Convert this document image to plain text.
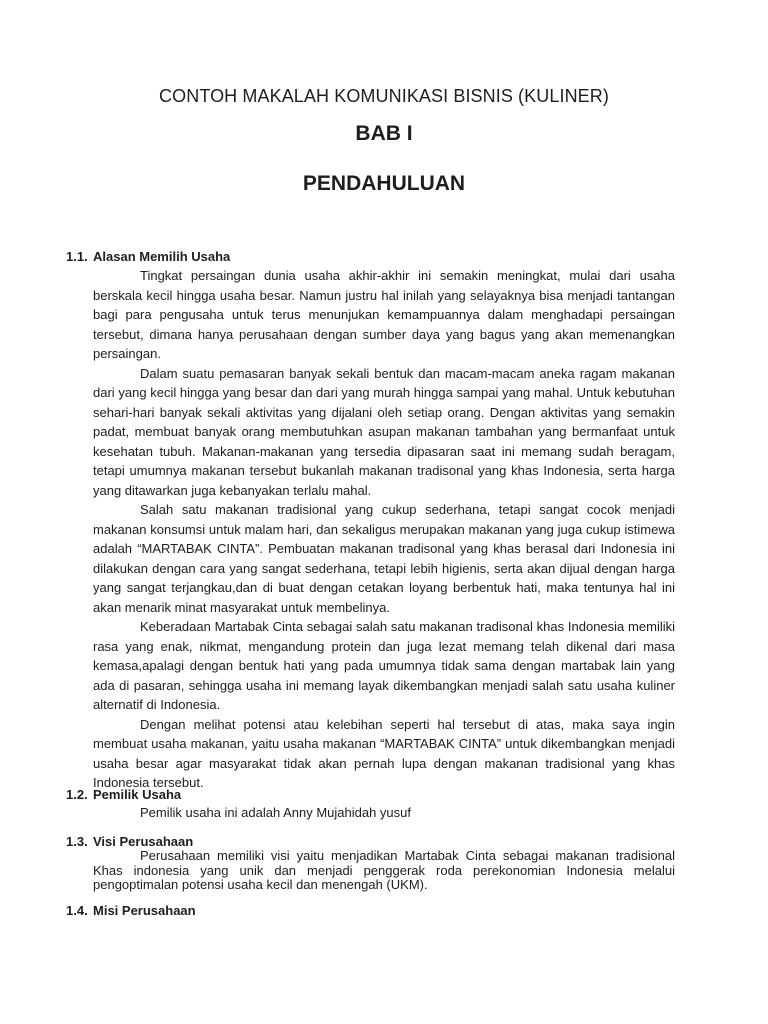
CONTOH MAKALAH KOMUNIKASI BISNIS (KULINER)
BAB I
PENDAHULUAN
1.1. Alasan Memilih Usaha

Tingkat persaingan dunia usaha akhir-akhir ini semakin meningkat, mulai dari usaha berskala kecil hingga usaha besar. Namun justru hal inilah yang selayaknya bisa menjadi tantangan bagi para pengusaha untuk terus menunjukan kemampuannya dalam menghadapi persaingan tersebut, dimana hanya perusahaan dengan sumber daya yang bagus yang akan memenangkan persaingan.

Dalam suatu pemasaran banyak sekali bentuk dan macam-macam aneka ragam makanan dari yang kecil hingga yang besar dan dari yang murah hingga sampai yang mahal. Untuk kebutuhan sehari-hari banyak sekali aktivitas yang dijalani oleh setiap orang. Dengan aktivitas yang semakin padat, membuat banyak orang membutuhkan asupan makanan tambahan yang bermanfaat untuk kesehatan tubuh. Makanan-makanan yang tersedia dipasaran saat ini memang sudah beragam, tetapi umumnya makanan tersebut bukanlah makanan tradisonal yang khas Indonesia, serta harga yang ditawarkan juga kebanyakan terlalu mahal.

Salah satu makanan tradisional yang cukup sederhana, tetapi sangat cocok menjadi makanan konsumsi untuk malam hari, dan sekaligus merupakan makanan yang juga cukup istimewa adalah “MARTABAK CINTA”. Pembuatan makanan tradisonal yang khas berasal dari Indonesia ini dilakukan dengan cara yang sangat sederhana, tetapi lebih higienis, serta akan dijual dengan harga yang sangat terjangkau,dan di buat dengan cetakan loyang berbentuk hati, maka tentunya hal ini akan menarik minat masyarakat untuk membelinya.

Keberadaan Martabak Cinta sebagai salah satu makanan tradisonal khas Indonesia memiliki rasa yang enak, nikmat, mengandung protein dan juga lezat memang telah dikenal dari masa kemasa,apalagi dengan bentuk hati yang pada umumnya tidak sama dengan martabak lain yang ada di pasaran, sehingga usaha ini memang layak dikembangkan menjadi salah satu usaha kuliner alternatif di Indonesia.

Dengan melihat potensi atau kelebihan seperti hal tersebut di atas, maka saya ingin membuat usaha makanan, yaitu usaha makanan “MARTABAK CINTA” untuk dikembangkan menjadi usaha besar agar masyarakat tidak akan pernah lupa dengan makanan tradisional yang khas Indonesia tersebut.

1.2. Pemilik Usaha
Pemilik usaha ini adalah Anny Mujahidah yusuf
1.3. Visi Perusahaan

Perusahaan memiliki visi yaitu menjadikan Martabak Cinta sebagai makanan tradisional Khas indonesia yang unik dan menjadi penggerak roda perekonomian Indonesia melalui pengoptimalan potensi usaha kecil dan menengah (UKM).

1.4. Misi Perusahaan
